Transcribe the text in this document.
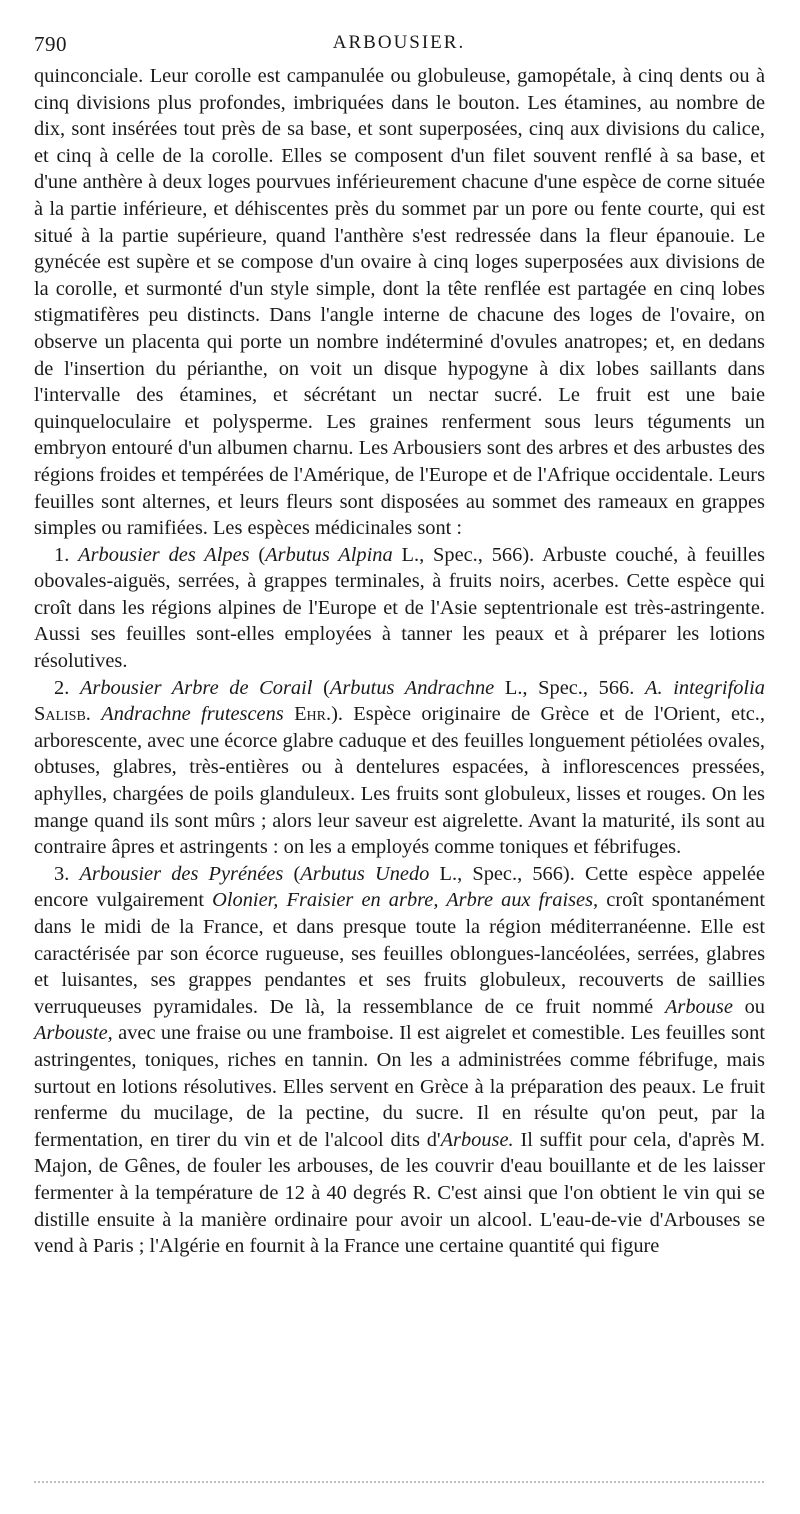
790	ARBOUSIER.

quinconciale. Leur corolle est campanulée ou globuleuse, gamopétale, à cinq dents ou à cinq divisions plus profondes, imbriquées dans le bouton. Les étamines, au nombre de dix, sont insérées tout près de sa base, et sont superposées, cinq aux divisions du calice, et cinq à celle de la corolle. Elles se composent d'un filet souvent renflé à sa base, et d'une anthère à deux loges pourvues inférieurement chacune d'une espèce de corne située à la partie inférieure, et déhiscentes près du sommet par un pore ou fente courte, qui est situé à la partie supérieure, quand l'anthère s'est redressée dans la fleur épanouie. Le gynécée est supère et se compose d'un ovaire à cinq loges superposées aux divisions de la corolle, et surmonté d'un style simple, dont la tête renflée est partagée en cinq lobes stigmatifères peu distincts. Dans l'angle interne de chacune des loges de l'ovaire, on observe un placenta qui porte un nombre indéterminé d'ovules anatropes; et, en dedans de l'insertion du périanthe, on voit un disque hypogyne à dix lobes saillants dans l'intervalle des étamines, et sécrétant un nectar sucré. Le fruit est une baie quinqueloculaire et polysperme. Les graines renferment sous leurs téguments un embryon entouré d'un albumen charnu. Les Arbousiers sont des arbres et des arbustes des régions froides et tempérées de l'Amérique, de l'Europe et de l'Afrique occidentale. Leurs feuilles sont alternes, et leurs fleurs sont disposées au sommet des rameaux en grappes simples ou ramifiées. Les espèces médicinales sont :

1. Arbousier des Alpes (Arbutus Alpina L., Spec., 566). Arbuste couché, à feuilles obovales-aiguës, serrées, à grappes terminales, à fruits noirs, acerbes. Cette espèce qui croît dans les régions alpines de l'Europe et de l'Asie septentrionale est très-astringente. Aussi ses feuilles sont-elles employées à tanner les peaux et à préparer les lotions résolutives.

2. Arbousier Arbre de Corail (Arbutus Andrachne L., Spec., 566. A. integrifolia Salisb. Andrachne frutescens Ehr.). Espèce originaire de Grèce et de l'Orient, etc., arborescente, avec une écorce glabre caduque et des feuilles longuement pétiolées ovales, obtuses, glabres, très-entières ou à dentelures espacées, à inflorescences pressées, aphylles, chargées de poils glanduleux. Les fruits sont globuleux, lisses et rouges. On les mange quand ils sont mûrs ; alors leur saveur est aigrelette. Avant la maturité, ils sont au contraire âpres et astringents : on les a employés comme toniques et fébrifuges.

3. Arbousier des Pyrénées (Arbutus Unedo L., Spec., 566). Cette espèce appelée encore vulgairement Olonier, Fraisier en arbre, Arbre aux fraises, croît spontanément dans le midi de la France, et dans presque toute la région méditerranéenne. Elle est caractérisée par son écorce rugueuse, ses feuilles oblongues-lancéolées, serrées, glabres et luisantes, ses grappes pendantes et ses fruits globuleux, recouverts de saillies verruqueuses pyramidales. De là, la ressemblance de ce fruit nommé Arbouse ou Arbouste, avec une fraise ou une framboise. Il est aigrelet et comestible. Les feuilles sont astringentes, toniques, riches en tannin. On les a administrées comme fébrifuge, mais surtout en lotions résolutives. Elles servent en Grèce à la préparation des peaux. Le fruit renferme du mucilage, de la pectine, du sucre. Il en résulte qu'on peut, par la fermentation, en tirer du vin et de l'alcool dits d'Arbouse. Il suffit pour cela, d'après M. Majon, de Gênes, de fouler les arbouses, de les couvrir d'eau bouillante et de les laisser fermenter à la température de 12 à 40 degrés R. C'est ainsi que l'on obtient le vin qui se distille ensuite à la manière ordinaire pour avoir un alcool. L'eau-de-vie d'Arbouses se vend à Paris ; l'Algérie en fournit à la France une certaine quantité qui figure
